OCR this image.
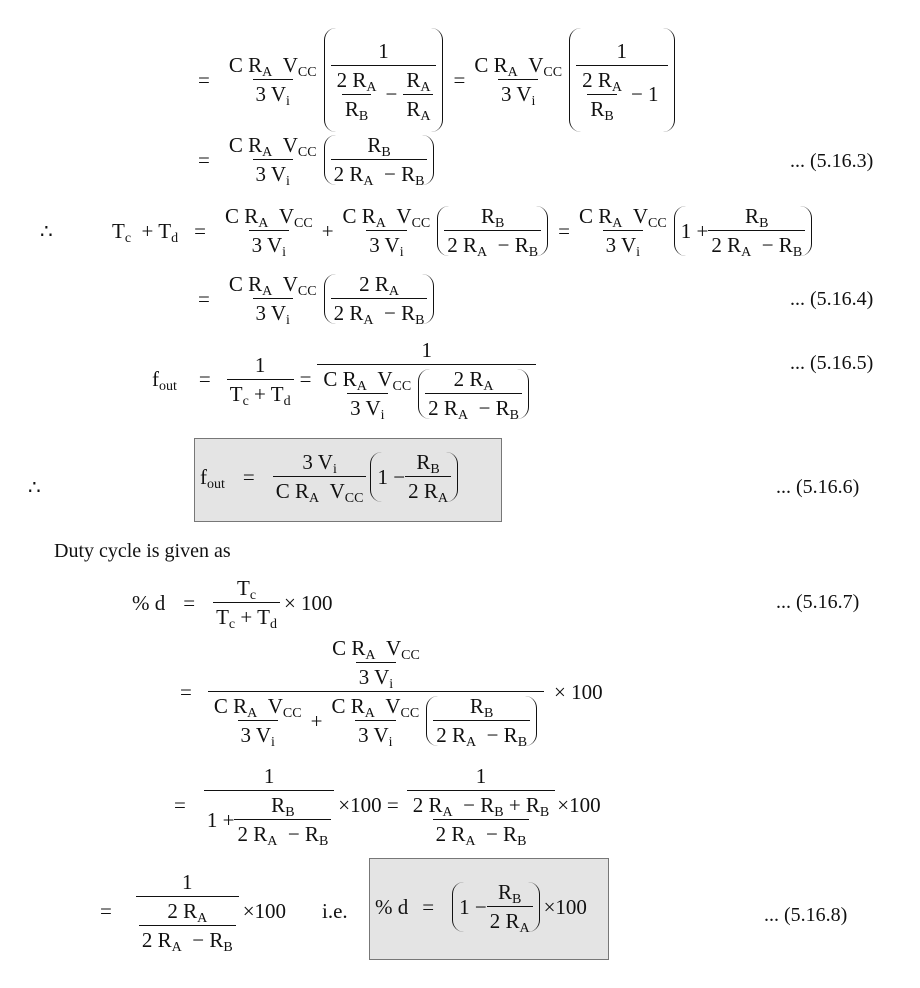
=
C $R_A$  $V_{CC}$
3 $V_i$
1
2 $R_A$
$R_B$
− $\frac{R_A}{R_A}$ =
C $R_A$  $V_{CC}$
3 $V_i$
1
2 $R_A$
$R_B$
− 1
=
C $R_A$  $V_{CC}$
3 $V_i$
$R_B$
2 $R_A - R_B$
... (5.16.3)
∴	$T_c + T_d$ =
C $R_A$  $V_{CC}$
3 $V_i$
+
C $R_A$  $V_{CC}$
3 $V_i$
$R_B$
2 $R_A - R_B$
=
C $R_A$  $V_{CC}$
3 $V_i$
$1 + \frac{R_B}{2 R_A - R_B}$
=
C $R_A$  $V_{CC}$
3 $V_i$
2 $R_A$
2 $R_A - R_B$
... (5.16.4)
$f_{out} = \frac{1}{T_c + T_d}$ =
1
C $R_A$  $V_{CC}$
3 $V_i$
2 $R_A$
2 $R_A - R_B$
... (5.16.5)
∴	$f_{out}$ =
3 $V_i$
C $R_A$  $V_{CC}$
$1 - \frac{R_B}{2 R_A}$	... (5.16.6)
Duty cycle is given as
% $d = \frac{T_c}{T_c + T_d} \times 100$	... (5.16.7)
=
C $R_A$  $V_{CC}$
3 $V_i$
C $R_A$  $V_{CC}$
3 $V_i$
+
C $R_A$  $V_{CC}$
3 $V_i$
$R_B$
2 $R_A - R_B$
× 100
= $\frac{1}{1 + \frac{R_B}{2 R_A - R_B}} \times 100 = \frac{1}{\frac{2 R_A - R_B + R_B}{2 R_A - R_B}} \times 100$
= $\frac{1}{\frac{2 R_A}{2 R_A - R_B}} \times 100$ i.e. % $d = 1 - \frac{R_B}{2 R_A} \times 100$	... (5.16.8)
